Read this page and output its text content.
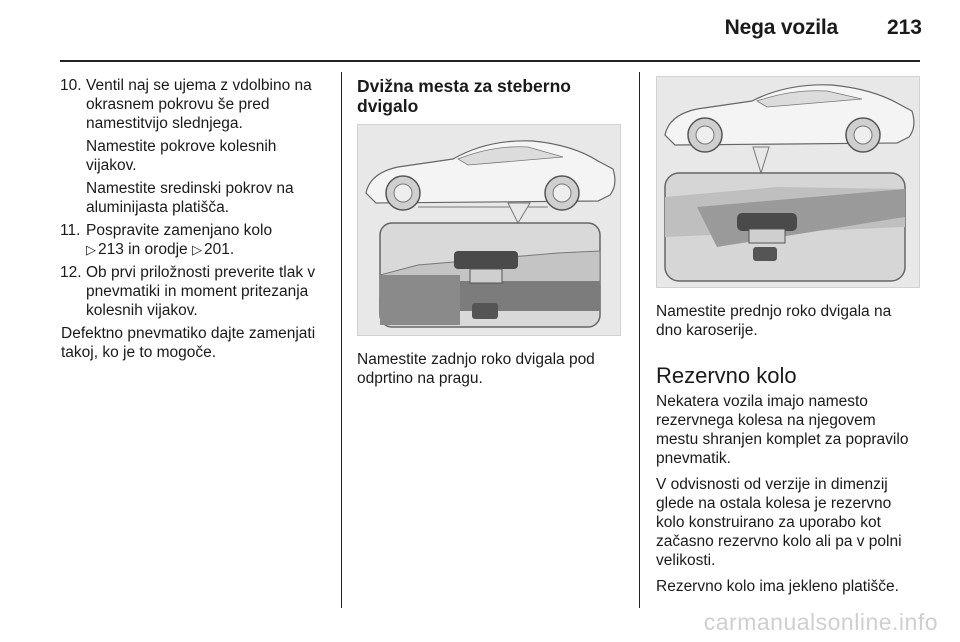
Nega vozila 213
10. Ventil naj se ujema z vdolbino na
okrasnem pokrovu še pred
namestitvijo slednjega.
Namestite pokrove kolesnih
vijakov.
Namestite sredinski pokrov na
aluminijasta platišča.
11. Pospravite zamenjano kolo
▷ 213 in orodje ▷ 201.
12. Ob prvi priložnosti preverite tlak v
pnevmatiki in moment pritezanja
kolesnih vijakov.
Defektno pnevmatiko dajte zamenjati
takoj, ko je to mogoče.
Dvižna mesta za steberno
dvigalo
Namestite zadnjo roko dvigala pod
odprtino na pragu.
Namestite prednjo roko dvigala na
dno karoserije.
Rezervno kolo
Nekatera vozila imajo namesto
rezervnega kolesa na njegovem
mestu shranjen komplet za popravilo
pnevmatik.
V odvisnosti od verzije in dimenzij
glede na ostala kolesa je rezervno
kolo konstruirano za uporabo kot
začasno rezervno kolo ali pa v polni
velikosti.
Rezervno kolo ima jekleno platišče.
carmanualsonline.info
